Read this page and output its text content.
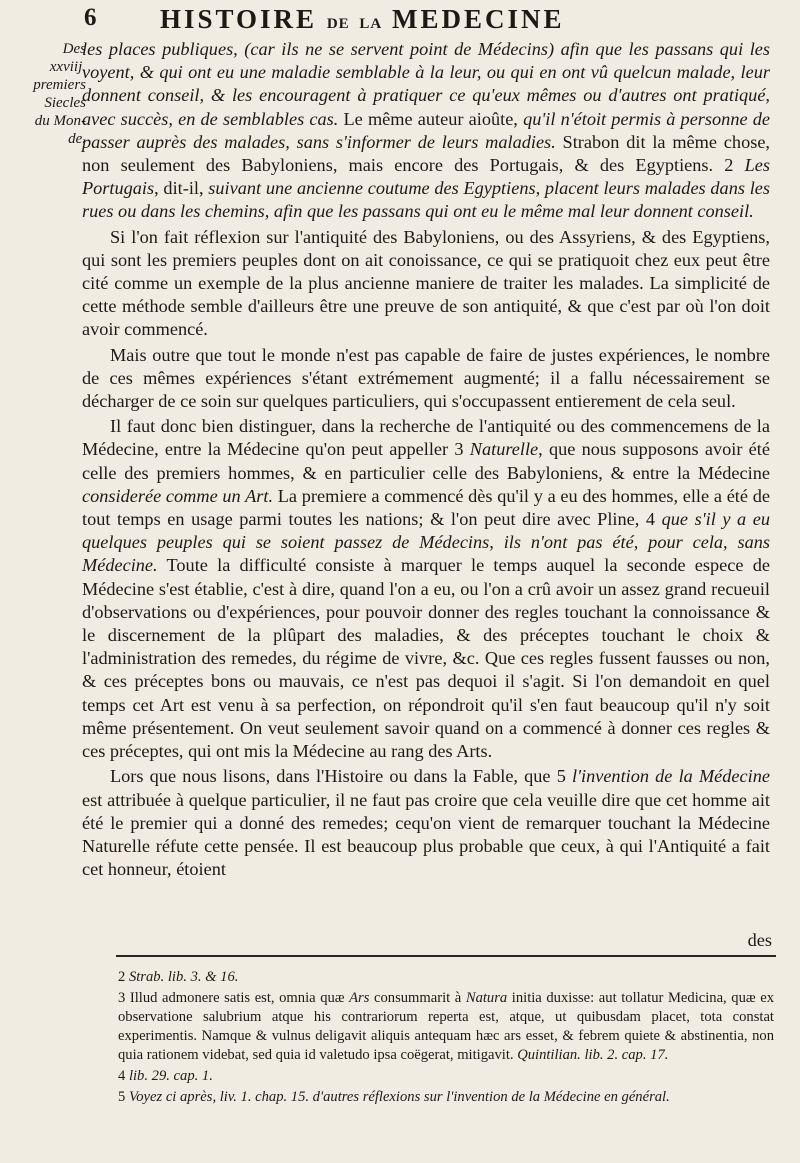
6 HISTOIRE DE LA MEDECINE
Des
xxviij.
premiers
Siecles
du Mon-
de.

les places publiques, (car ils ne se servent point de Médecins) afin que les passans qui les voyent, & qui ont eu une maladie semblable à la leur, ou qui en ont vû quelcun malade, leur donnent conseil, & les encouragent à pratiquer ce qu'eux mêmes ou d'autres ont pratiqué, avec succès, en de semblables cas. Le même auteur aioûte, qu'il n'étoit permis à personne de passer auprès des malades, sans s'informer de leurs maladies. Strabon dit la même chose, non seulement des Babyloniens, mais encore des Portugais, & des Egyptiens. 2 Les Portugais, dit-il, suivant une ancienne coutume des Egyptiens, placent leurs malades dans les rues ou dans les chemins, afin que les passans qui ont eu le même mal leur donnent conseil.

Si l'on fait réflexion sur l'antiquité des Babyloniens, ou des Assyriens, & des Egyptiens, qui sont les premiers peuples dont on ait conoissance, ce qui se pratiquoit chez eux peut être cité comme un exemple de la plus ancienne maniere de traiter les malades. La simplicité de cette méthode semble d'ailleurs être une preuve de son antiquité, & que c'est par où l'on doit avoir commencé.

Mais outre que tout le monde n'est pas capable de faire de justes expériences, le nombre de ces mêmes expériences s'étant extrémement augmenté; il a fallu nécessairement se décharger de ce soin sur quelques particuliers, qui s'occupassent entierement de cela seul.

Il faut donc bien distinguer, dans la recherche de l'antiquité ou des commencemens de la Médecine, entre la Médecine qu'on peut appeller 3 Naturelle, que nous supposons avoir été celle des premiers hommes, & en particulier celle des Babyloniens, & entre la Médecine considerée comme un Art. La premiere a commencé dès qu'il y a eu des hommes, elle a été de tout temps en usage parmi toutes les nations; & l'on peut dire avec Pline, 4 que s'il y a eu quelques peuples qui se soient passez de Médecins, ils n'ont pas été, pour cela, sans Médecine. Toute la difficulté consiste à marquer le temps auquel la seconde espece de Médecine s'est établie, c'est à dire, quand l'on a eu, ou l'on a crû avoir un assez grand recueuil d'observations ou d'expériences, pour pouvoir donner des regles touchant la connoissance & le discernement de la plûpart des maladies, & des préceptes touchant le choix & l'administration des remedes, du régime de vivre, &c. Que ces regles fussent fausses ou non, & ces préceptes bons ou mauvais, ce n'est pas dequoi il s'agit. Si l'on demandoit en quel temps cet Art est venu à sa perfection, on répondroit qu'il s'en faut beaucoup qu'il n'y soit même présentement. On veut seulement savoir quand on a commencé à donner ces regles & ces préceptes, qui ont mis la Médecine au rang des Arts.

Lors que nous lisons, dans l'Histoire ou dans la Fable, que 5 l'invention de la Médecine est attribuée à quelque particulier, il ne faut pas croire que cela veuille dire que cet homme ait été le premier qui a donné des remedes; cequ'on vient de remarquer touchant la Médecine Naturelle réfute cette pensée. Il est beaucoup plus probable que ceux, à qui l'Antiquité a fait cet honneur, étoient

des
2 Strab. lib. 3. & 16.
3 Illud admonere satis est, omnia quæ Ars consummarit à Natura initia duxisse: aut tollatur Medicina, quæ ex observatione salubrium atque his contrariorum reperta est, atque, ut quibusdam placet, tota constat experimentis. Namque & vulnus deligavit aliquis antequam hæc ars esset, & febrem quiete & abstinentia, non quia rationem videbat, sed quia id valetudo ipsa coëgerat, mitigavit. Quintilian. lib. 2. cap. 17.
4 lib. 29. cap. 1.
5 Voyez ci après, liv. 1. chap. 15. d'autres réflexions sur l'invention de la Médecine en général.
